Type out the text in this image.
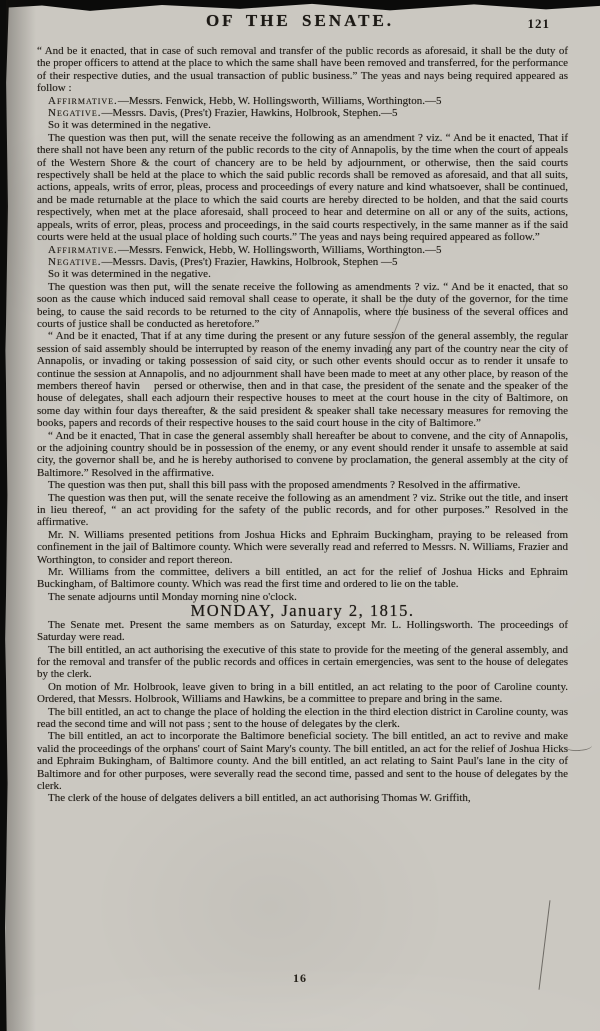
OF THE SENATE.	121

“ And be it enacted, that in case of such removal and transfer of the public records as aforesaid, it shall be the duty of the proper officers to attend at the place to which the same shall have been removed and transferred, for the performance of their respective duties, and the usual transaction of public business.” The yeas and nays being required appeared as follow :

Affirmative.—Messrs. Fenwick, Hebb, W. Hollingsworth, Williams, Worthington.—5

Negative.—Messrs. Davis, (Pres't) Frazier, Hawkins, Holbrook, Stephen.—5

So it was determined in the negative.

The question was then put, will the senate receive the following as an amendment ? viz. “ And be it enacted, That if there shall not have been any return of the public records to the city of Annapolis, by the time when the court of appeals of the Western Shore & the court of chancery are to be held by adjournment, or otherwise, then the said courts respectively shall be held at the place to which the said public records shall be removed as aforesaid, and that all suits, actions, appeals, writs of error, pleas, process and proceedings of every nature and kind whatsoever, shall be continued, and be made returnable at the place to which the said courts are hereby directed to be holden, and that the said courts respectively, when met at the place aforesaid, shall proceed to hear and determine on all or any of the suits, actions, appeals, writs of error, pleas, process and proceedings, in the said courts respectively, in the same manner as if the said courts were held at the usual place of holding such courts.” The yeas and nays being required appeared as follow.”

Affirmative.—Messrs. Fenwick, Hebb, W. Hollingsworth, Williams, Worthington.—5

Negative.—Messrs. Davis, (Pres't) Frazier, Hawkins, Holbrook, Stephen —5

So it was determined in the negative.

The question was then put, will the senate receive the following as amendments ? viz. “ And be it enacted, that so soon as the cause which induced said removal shall cease to operate, it shall be the duty of the governor, for the time being, to cause the said records to be returned to the city of Annapolis, where the business of the several offices and courts of justice shall be conducted as heretofore.”

“ And be it enacted, That if at any time during the present or any future session of the general assembly, the regular session of said assembly should be interrupted by reason of the enemy invading any part of the country near the city of Annapolis, or invading or taking possession of said city, or such other events should occur as to render it unsafe to continue the session at Annapolis, and no adjournment shall have been made to meet at any other place, by reason of the members thereof havin    persed or otherwise, then and in that case, the president of the senate and the speaker of the house of delegates, shall each adjourn their respective houses to meet at the court house in the city of Baltimore, on some day within four days thereafter, & the said president & speaker shall take necessary measures for removing the books, papers and records of their respective houses to the said court house in the city of Baltimore.”

“ And be it enacted, That in case the general assembly shall hereafter be about to convene, and the city of Annapolis, or the adjoining country should be in possession of the enemy, or any event should render it unsafe to assemble at said city, the governor shall be, and he is hereby authorised to convene by proclamation, the general assembly at the city of Baltimore.” Resolved in the affirmative.

The question was then put, shall this bill pass with the proposed amendments ? Resolved in the affirmative.

The question was then put, will the senate receive the following as an amendment ? viz. Strike out the title, and insert in lieu thereof, “ an act providing for the safety of the public records, and for other purposes.” Resolved in the affirmative.

Mr. N. Williams presented petitions from Joshua Hicks and Ephraim Buckingham, praying to be released from confinement in the jail of Baltimore county. Which were severally read and referred to Messrs. N. Williams, Frazier and Worthington, to consider and report thereon.

Mr. Williams from the committee, delivers a bill entitled, an act for the relief of Joshua Hicks and Ephraim Buckingham, of Baltimore county. Which was read the first time and ordered to lie on the table.

The senate adjourns until Monday morning nine o'clock.

MONDAY, January 2, 1815.

The Senate met. Present the same members as on Saturday, except Mr. L. Hollingsworth. The proceedings of Saturday were read.

The bill entitled, an act authorising the executive of this state to provide for the meeting of the general assembly, and for the removal and transfer of the public records and offices in certain emergencies, was sent to the house of delegates by the clerk.

On motion of Mr. Holbrook, leave given to bring in a bill entitled, an act relating to the poor of Caroline county. Ordered, that Messrs. Holbrook, Williams and Hawkins, be a committee to prepare and bring in the same.

The bill entitled, an act to change the place of holding the election in the third election district in Caroline county, was read the second time and will not pass ; sent to the house of delegates by the clerk.

The bill entitled, an act to incorporate the Baltimore beneficial society. The bill entitled, an act to revive and make valid the proceedings of the orphans' court of Saint Mary's county. The bill entitled, an act for the relief of Joshua Hicks and Ephraim Bukingham, of Baltimore county. And the bill entitled, an act relating to Saint Paul's lane in the city of Baltimore and for other purposes, were severally read the second time, passed and sent to the house of delegates by the clerk.

The clerk of the house of delgates delivers a bill entitled, an act authorising Thomas W. Griffith,

16
